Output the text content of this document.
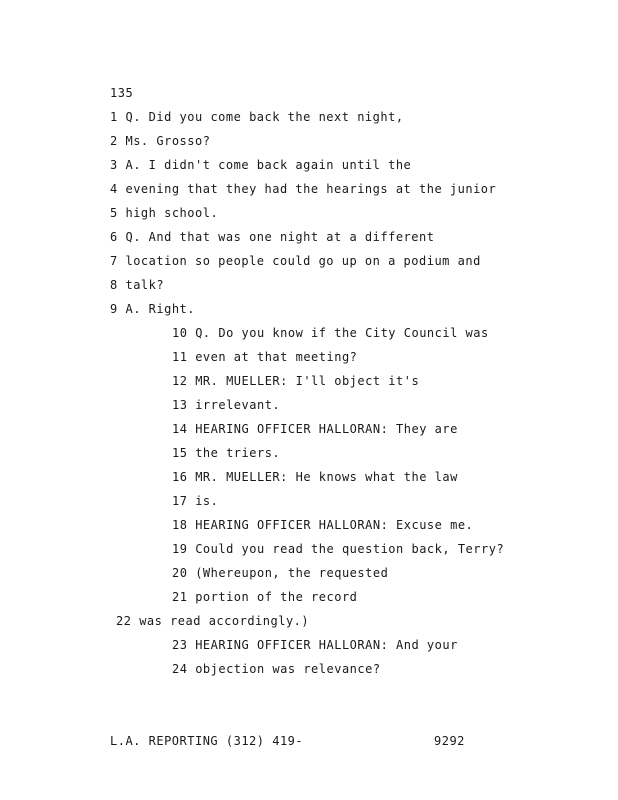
135
1 Q. Did you come back the next night,
2 Ms. Grosso?
3 A. I didn't come back again until the
4 evening that they had the hearings at the junior
5 high school.
6 Q. And that was one night at a different
7 location so people could go up on a podium and
8 talk?
9 A. Right.
10 Q. Do you know if the City Council was
11 even at that meeting?
12 MR. MUELLER: I'll object it's
13 irrelevant.
14 HEARING OFFICER HALLORAN: They are
15 the triers.
16 MR. MUELLER: He knows what the law
17 is.
18 HEARING OFFICER HALLORAN: Excuse me.
19 Could you read the question back, Terry?
20 (Whereupon, the requested
21 portion of the record
22 was read accordingly.)
23 HEARING OFFICER HALLORAN: And your
24 objection was relevance?
L.A. REPORTING (312) 419-	9292
